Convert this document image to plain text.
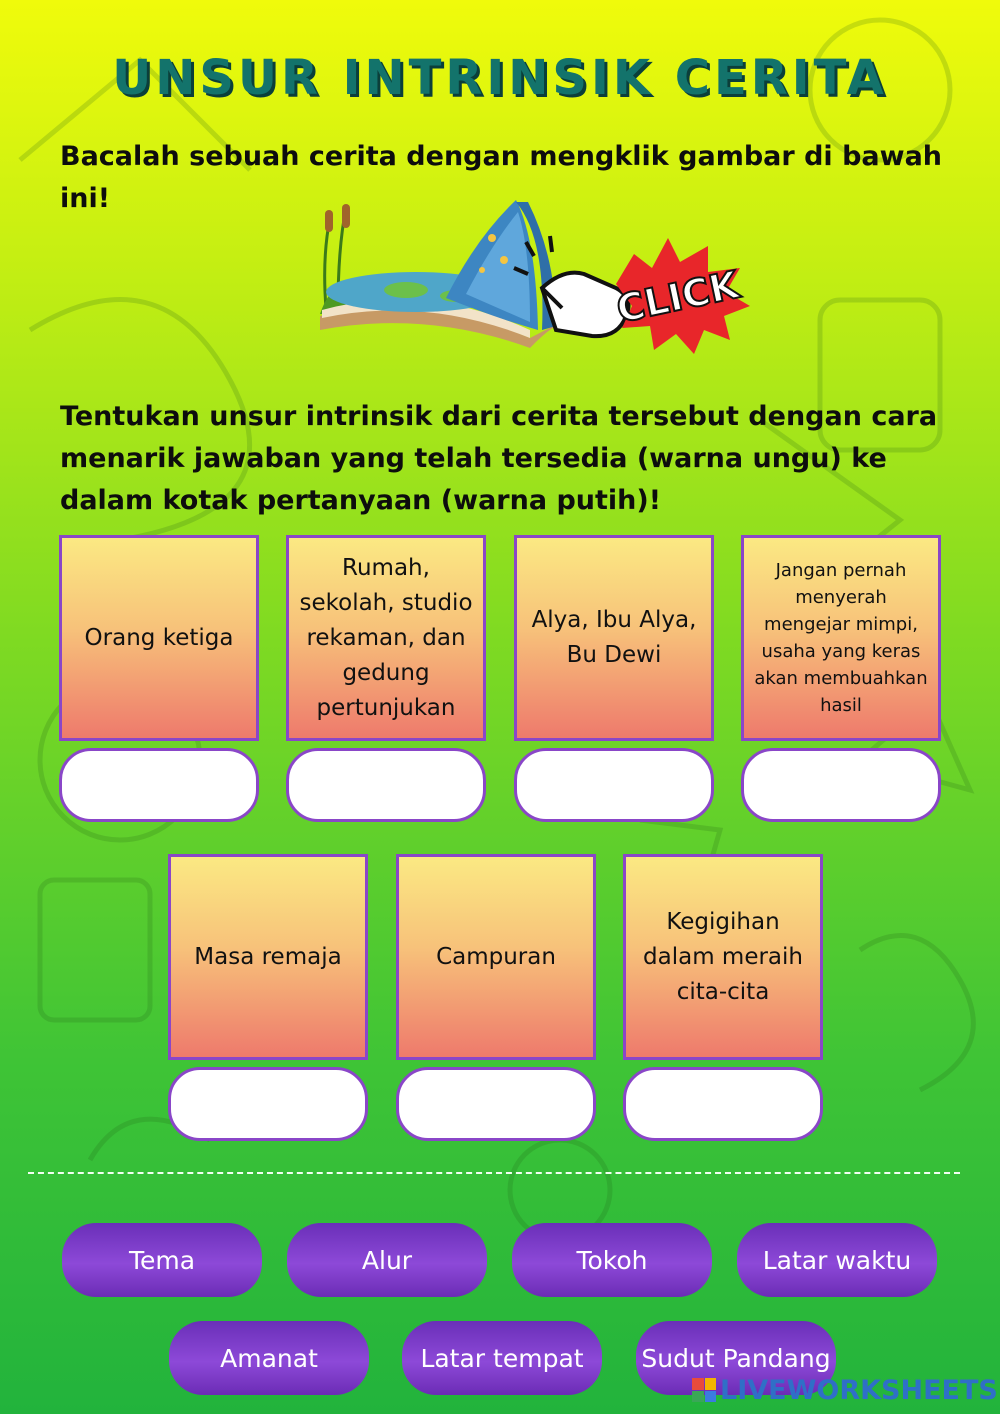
UNSUR INTRINSIK CERITA
Bacalah sebuah cerita dengan mengklik gambar di bawah ini!
CLICK
Tentukan unsur intrinsik dari cerita tersebut dengan cara menarik jawaban yang telah tersedia (warna ungu) ke dalam kotak pertanyaan (warna putih)!
Orang ketiga
Rumah, sekolah, studio rekaman, dan gedung pertunjukan
Alya, Ibu Alya, Bu Dewi
Jangan pernah menyerah mengejar mimpi, usaha yang keras akan membuahkan hasil
Masa remaja	Campuran
Kegigihan dalam meraih cita-cita
Tema	Alur	Tokoh	Latar waktu
Amanat	Latar tempat	Sudut Pandang
LIVEWORKSHEETS
